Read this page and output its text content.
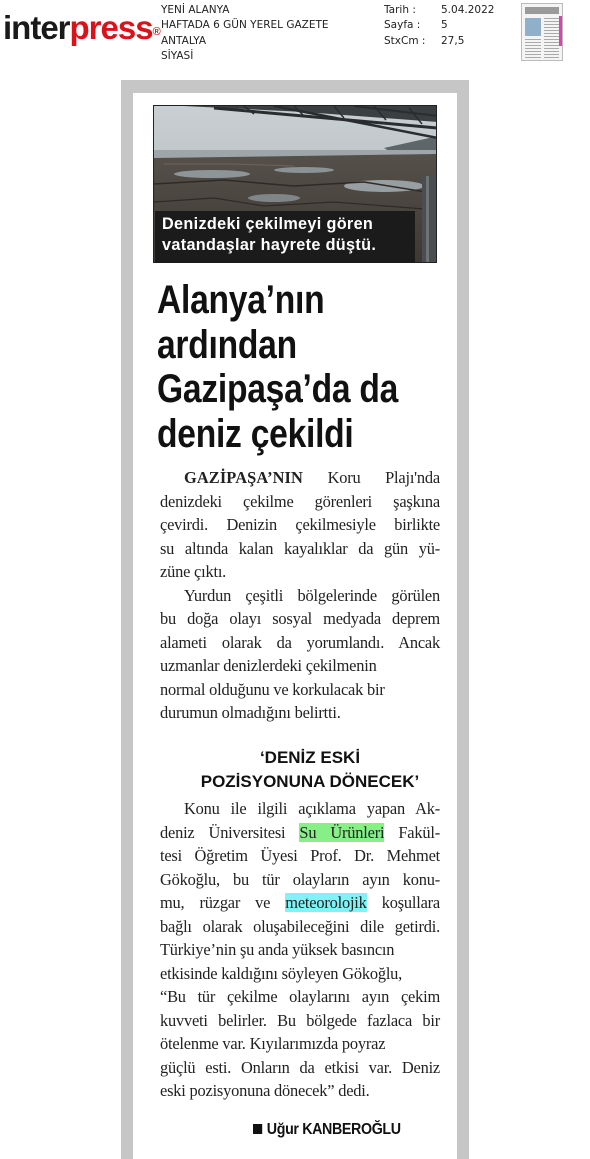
interpress®
YENİ ALANYA
HAFTADA 6 GÜN YEREL GAZETE
ANTALYA
SİYASİ
Tarih :
Sayfa :
StxCm :
5.04.2022
5
27,5
Denizdeki çekilmeyi gören
vatandaşlar hayrete düştü.
Alanya’nın
ardından
Gazipaşa’da da
deniz çekildi
GAZİPAŞA’NIN Koru Plajı'nda
denizdeki çekilme görenleri şaşkına
çevirdi. Denizin çekilmesiyle birlikte
su altında kalan kayalıklar da gün yü-
züne çıktı.
Yurdun çeşitli bölgelerinde görülen
bu doğa olayı sosyal medyada deprem
alameti olarak da yorumlandı. Ancak
uzmanlar denizlerdeki çekilmenin
normal olduğunu ve korkulacak bir
durumun olmadığını belirtti.
‘DENİZ ESKİ
POZİSYONUNA DÖNECEK’
Konu ile ilgili açıklama yapan Ak-
deniz Üniversitesi Su Ürünleri Fakül-
tesi Öğretim Üyesi Prof. Dr. Mehmet
Gökoğlu, bu tür olayların ayın konu-
mu, rüzgar ve meteorolojik koşullara
bağlı olarak oluşabileceğini dile getirdi.
Türkiye’nin şu anda yüksek basıncın
etkisinde kaldığını söyleyen Gökoğlu,
“Bu tür çekilme olaylarını ayın çekim
kuvveti belirler. Bu bölgede fazlaca bir
ötelenme var. Kıyılarımızda poyraz
güçlü esti. Onların da etkisi var. Deniz
eski pozisyonuna dönecek” dedi.
Uğur KANBEROĞLU
